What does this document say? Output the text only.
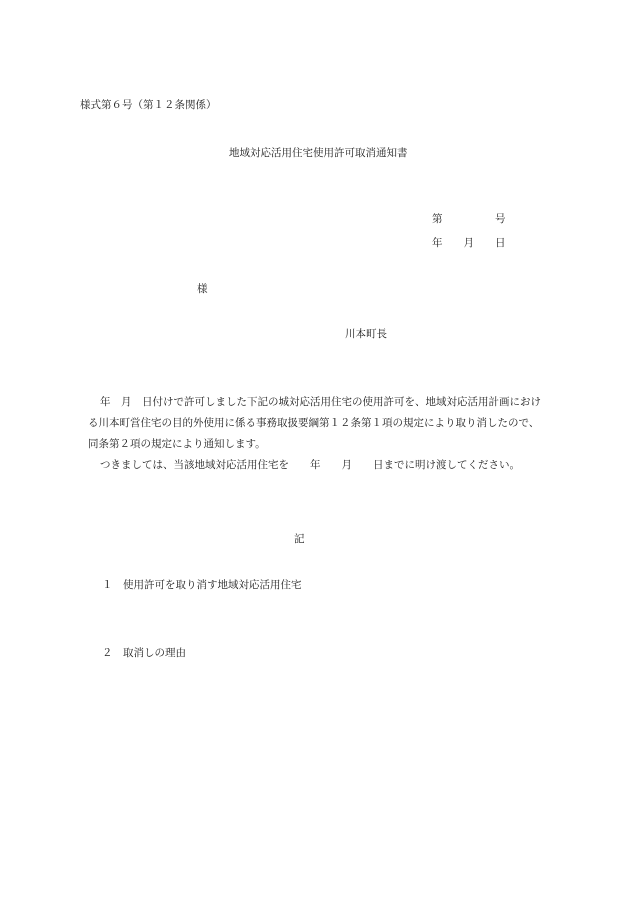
様式第６号（第１２条関係）
地域対応活用住宅使用許可取消通知書
第　　　　　号
年　　月　　日
様
川本町長
年　月　日付けで許可しました下記の城対応活用住宅の使用許可を、地域対応活用計画におけ
る川本町営住宅の目的外使用に係る事務取扱要綱第１２条第１項の規定により取り消したので、
同条第２項の規定により通知します。
つきましては、当該地域対応活用住宅を　　年　　月　　日までに明け渡してください。
記
１　使用許可を取り消す地域対応活用住宅
２　取消しの理由
